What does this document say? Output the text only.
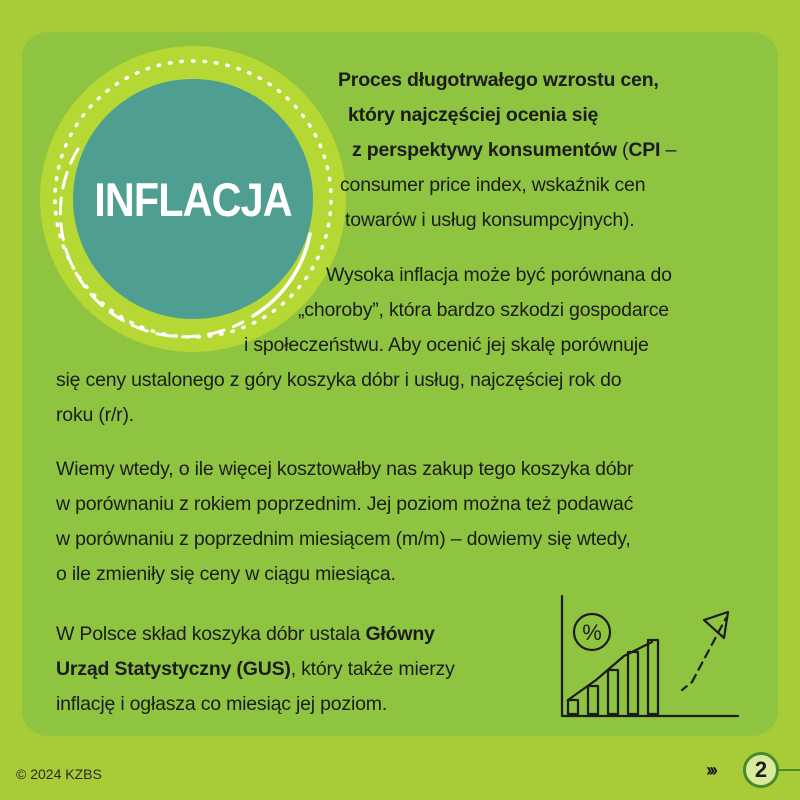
INFLACJA
%
Proces długotrwałego wzrostu cen,
który najczęściej ocenia się
z perspektywy konsumentów (CPI –
consumer price index, wskaźnik cen
towarów i usług konsumpcyjnych).
Wysoka inflacja może być porównana do
„choroby”, która bardzo szkodzi gospodarce
i społeczeństwu. Aby ocenić jej skalę porównuje
się ceny ustalonego z góry koszyka dóbr i usług, najczęściej rok do
roku (r/r).
Wiemy wtedy, o ile więcej kosztowałby nas zakup tego koszyka dóbr
w porównaniu z rokiem poprzednim. Jej poziom można też podawać
w porównaniu z poprzednim miesiącem (m/m) – dowiemy się wtedy,
o ile zmieniły się ceny w ciągu miesiąca.
W Polsce skład koszyka dóbr ustala Główny
Urząd Statystyczny (GUS), który także mierzy
inflację i ogłasza co miesiąc jej poziom.
© 2024 KZBS	›››	2
